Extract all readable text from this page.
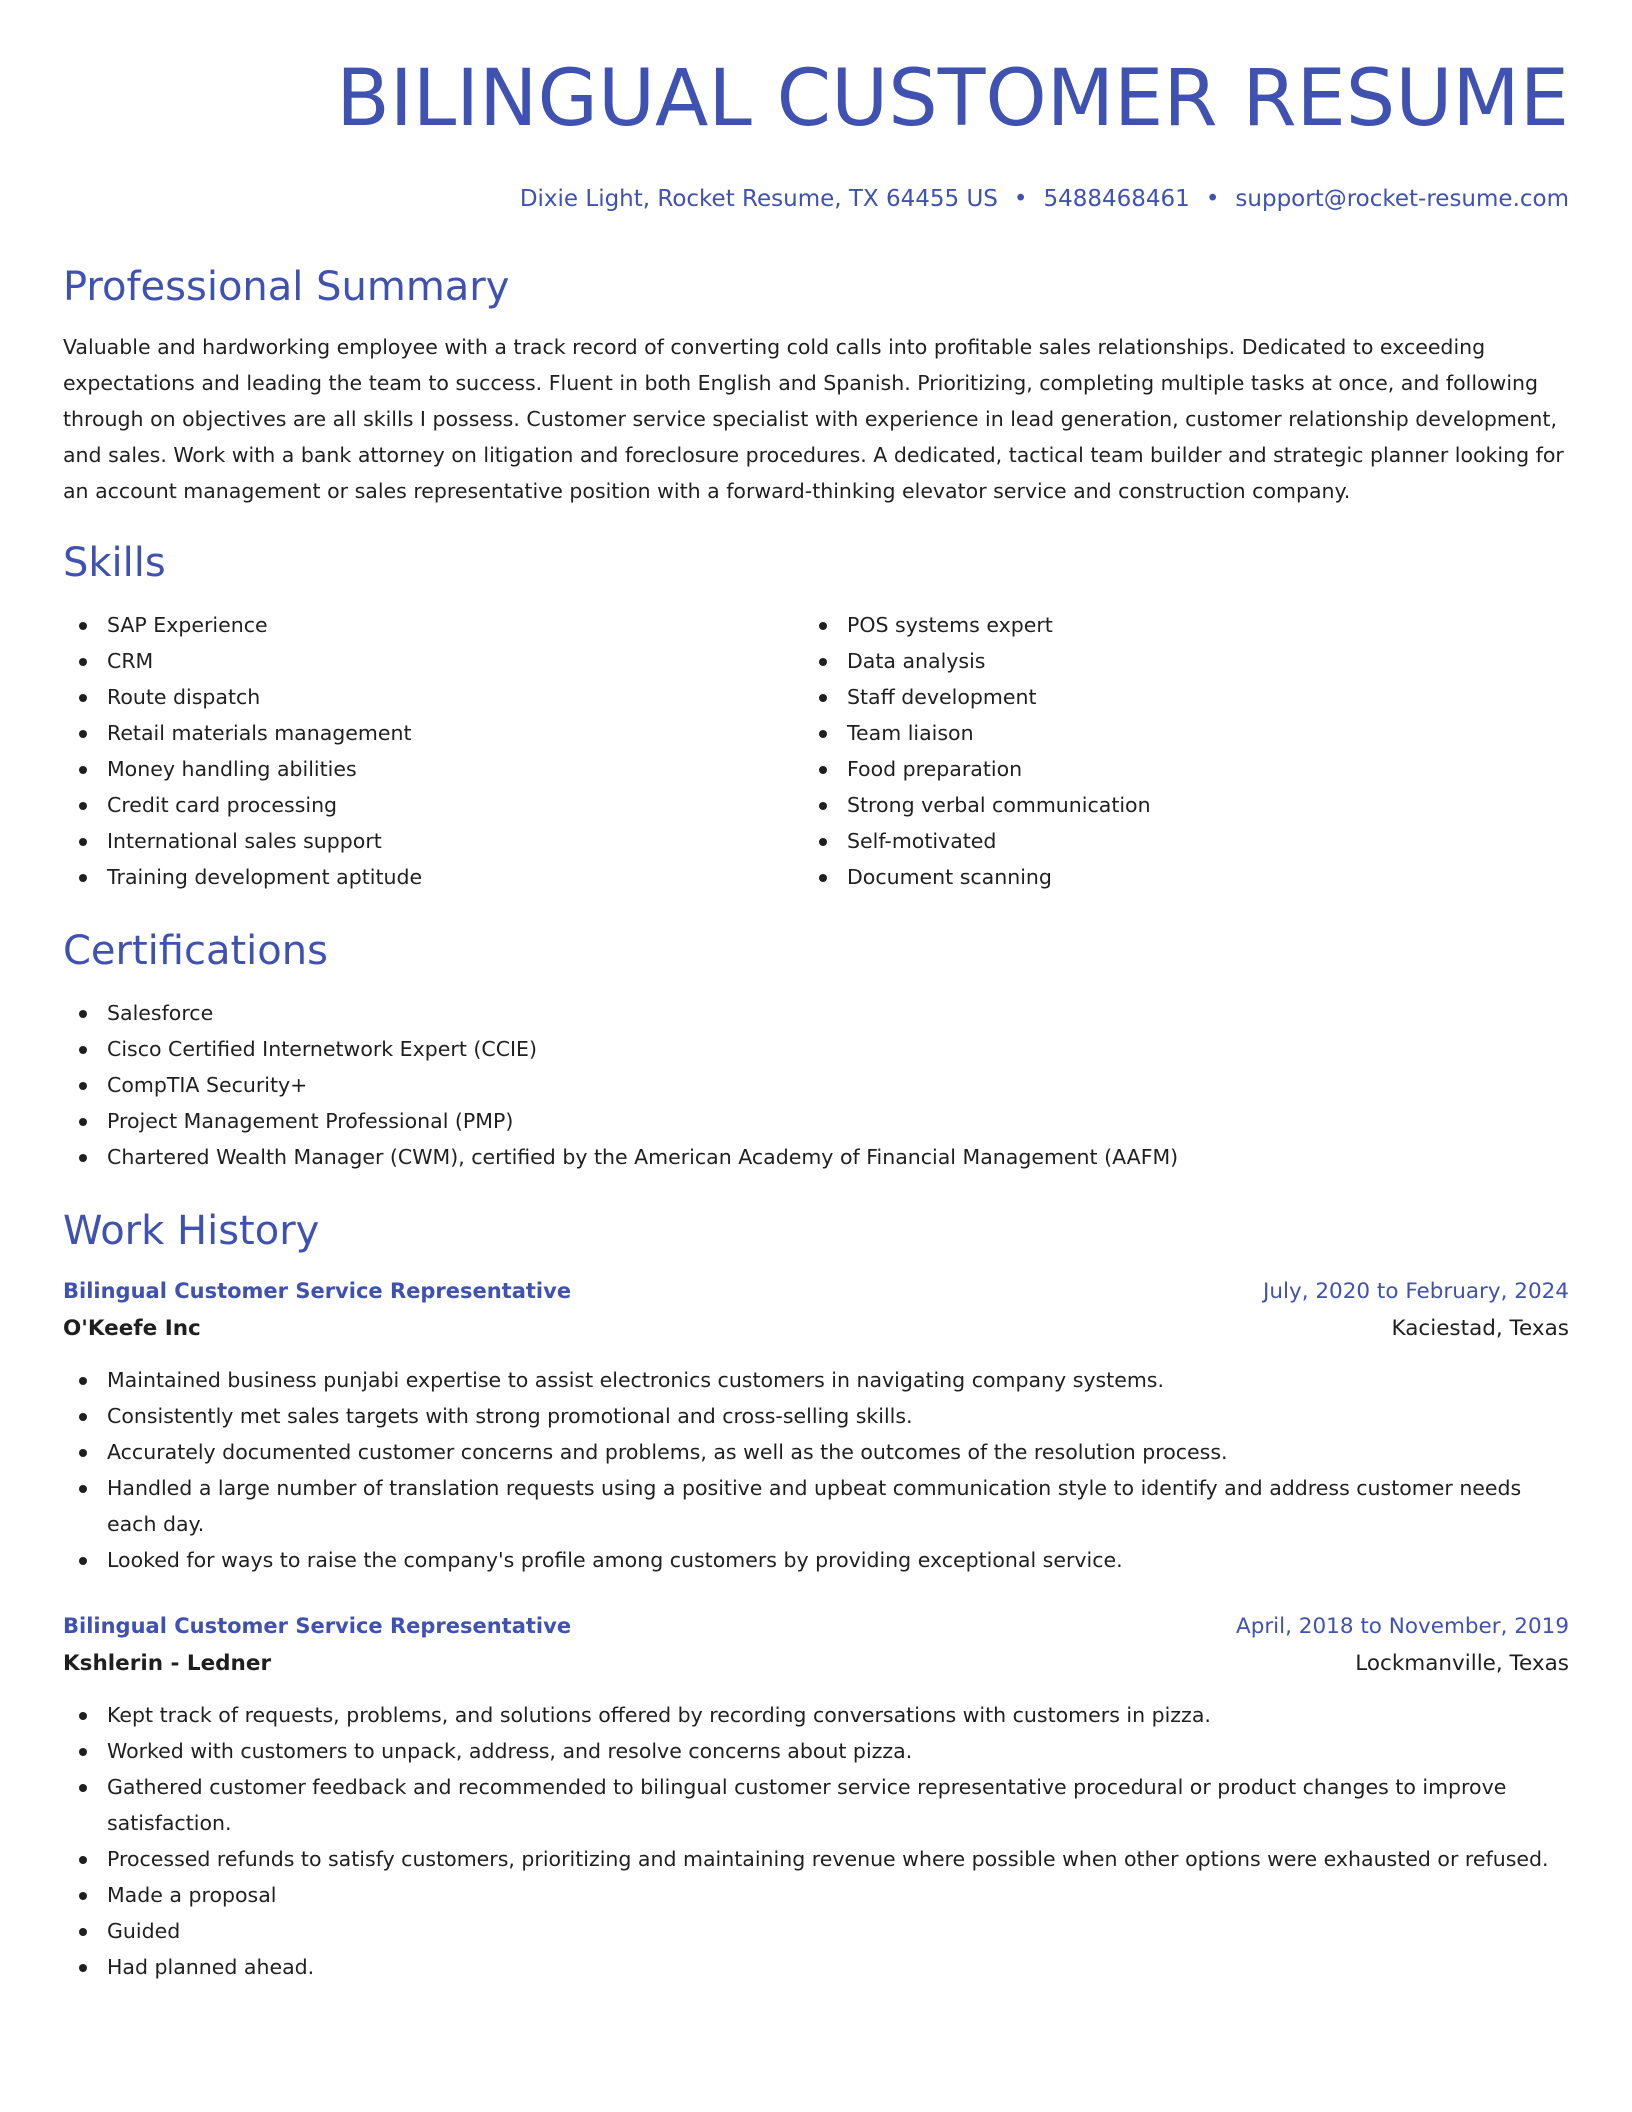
BILINGUAL CUSTOMER RESUME
Dixie Light, Rocket Resume, TX 64455 US • 5488468461 • support@rocket-resume.com
Professional Summary

Valuable and hardworking employee with a track record of converting cold calls into profitable sales relationships. Dedicated to exceeding expectations and leading the team to success. Fluent in both English and Spanish. Prioritizing, completing multiple tasks at once, and following through on objectives are all skills I possess. Customer service specialist with experience in lead generation, customer relationship development, and sales. Work with a bank attorney on litigation and foreclosure procedures. A dedicated, tactical team builder and strategic planner looking for an account management or sales representative position with a forward-thinking elevator service and construction company.

Skills
SAP Experience
CRM
Route dispatch
Retail materials management
Money handling abilities
Credit card processing
International sales support
Training development aptitude
POS systems expert
Data analysis
Staff development
Team liaison
Food preparation
Strong verbal communication
Self-motivated
Document scanning
Certifications
Salesforce
Cisco Certified Internetwork Expert (CCIE)
CompTIA Security+
Project Management Professional (PMP)
Chartered Wealth Manager (CWM), certified by the American Academy of Financial Management (AAFM)
Work History
Bilingual Customer Service Representative	July, 2020 to February, 2024
O'Keefe Inc	Kaciestad, Texas
Maintained business punjabi expertise to assist electronics customers in navigating company systems.
Consistently met sales targets with strong promotional and cross-selling skills.
Accurately documented customer concerns and problems, as well as the outcomes of the resolution process.
Handled a large number of translation requests using a positive and upbeat communication style to identify and address customer needs each day.
Looked for ways to raise the company's profile among customers by providing exceptional service.
Bilingual Customer Service Representative	April, 2018 to November, 2019
Kshlerin - Ledner	Lockmanville, Texas
Kept track of requests, problems, and solutions offered by recording conversations with customers in pizza.
Worked with customers to unpack, address, and resolve concerns about pizza.
Gathered customer feedback and recommended to bilingual customer service representative procedural or product changes to improve satisfaction.
Processed refunds to satisfy customers, prioritizing and maintaining revenue where possible when other options were exhausted or refused.
Made a proposal
Guided
Had planned ahead.
